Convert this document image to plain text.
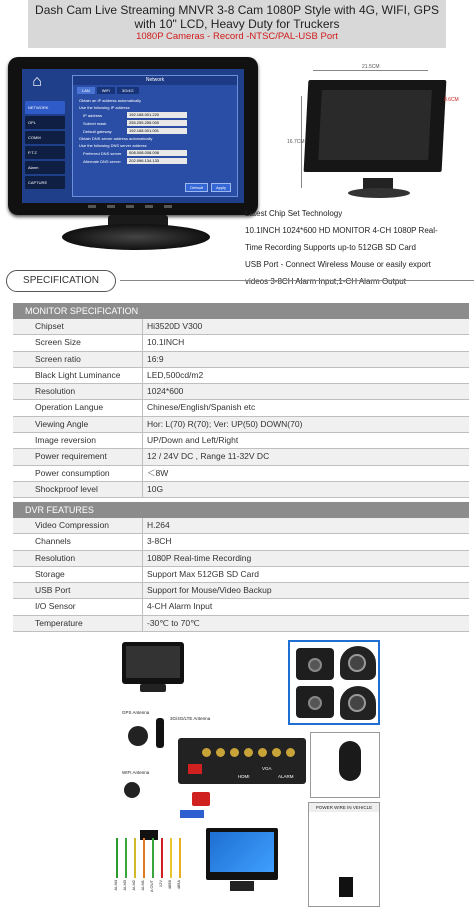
Dash Cam Live Streaming MNVR 3-8 Cam 1080P Style with 4G, WIFI, GPS
with 10" LCD, Heavy Duty for Truckers
1080P Cameras - Record -NTSC/PAL-USB Port
⌂
NETWORK
OPL
COMM
P.T.Z
Alarm
CAPTURE
Network
LAN	WiFi	3G/4G
Obtain an IP address automatically
Use the following IP address
IP address	192.168.001.220
Subnet mask	255.255.255.000
Default gateway	192.168.001.001
Obtain DNS server address automatically
Use the following DNS server address
Preferred DNS server	008.008.008.008
Alternate DNS server	202.096.134.133
Default	Apply
21.5CM
16.7CM
8.6CM
Latest Chip Set Technology
10.1INCH 1024*600 HD MONITOR 4-CH 1080P Real-
Time Recording Supports up-to 512GB SD Card
USB Port - Connect Wireless Mouse or easily export
videos 3-8CH Alarm Input,1-CH Alarm Output
SPECIFICATION
MONITOR SPECIFICATION
Chipset	Hi3520D V300
Screen Size	10.1INCH
Screen ratio	16:9
Black Light Luminance	LED,500cd/m2
Resolution	1024*600
Operation Langue	Chinese/English/Spanish etc
Viewing Angle	Hor: L(70) R(70); Ver: UP(50) DOWN(70)
Image reversion	UP/Down and Left/Right
Power requirement	12 / 24V DC , Range 11-32V DC
Power consumption	＜8W
Shockproof level	10G
DVR FEATURES
Video Compression	H.264
Channels	3-8CH
Resolution	1080P Real-time Recording
Storage	Support Max 512GB SD Card
USB Port	Support for Mouse/Video Backup
I/O Sensor	4-CH Alarm Input
Temperature	-30℃ to 70℃
GPS Antenna
3G/4G/LTE Antenna
WIFI Antenna
VGA
HDMI	ALARM
ALM4 ALM3 ALM2 ALM1 A OUT 12V 485B 485A
POWER WIRE IN VEHICLE
